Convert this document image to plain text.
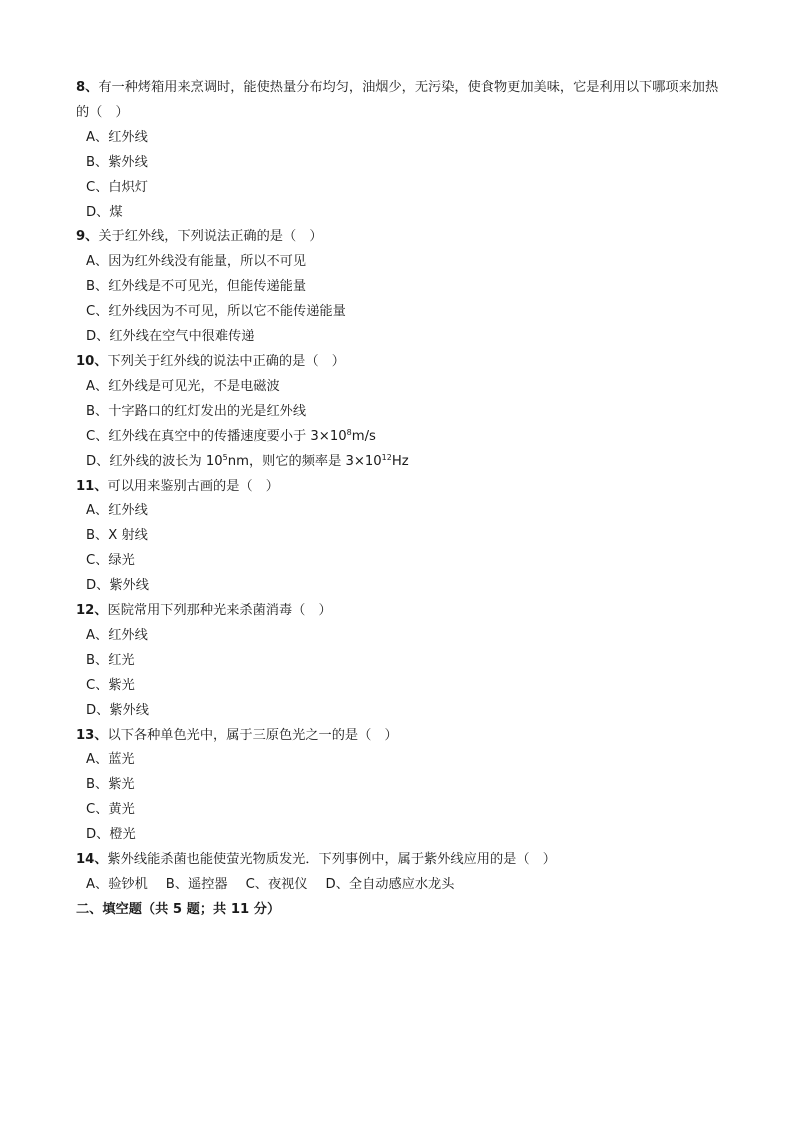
8、有一种烤箱用来烹调时，能使热量分布均匀，油烟少，无污染，使食物更加美味，它是利用以下哪项来加热的（　）

A、红外线

B、紫外线

C、白炽灯

D、煤

9、关于红外线，下列说法正确的是（　）

A、因为红外线没有能量，所以不可见

B、红外线是不可见光，但能传递能量

C、红外线因为不可见，所以它不能传递能量

D、红外线在空气中很难传递

10、下列关于红外线的说法中正确的是（　）

A、红外线是可见光，不是电磁波

B、十字路口的红灯发出的光是红外线

C、红外线在真空中的传播速度要小于 $3\times 10^8m/s$

D、红外线的波长为 $10^5nm$，则它的频率是 $3\times 10^{12}Hz$

11、可以用来鉴别古画的是（　）

A、红外线

B、X 射线

C、绿光

D、紫外线

12、医院常用下列那种光来杀菌消毒（　）

A、红外线

B、红光

C、紫光

D、紫外线

13、以下各种单色光中，属于三原色光之一的是（　）

A、蓝光

B、紫光

C、黄光

D、橙光

14、紫外线能杀菌也能使萤光物质发光．下列事例中，属于紫外线应用的是（　）

A、验钞机 B、遥控器 C、夜视仪 D、全自动感应水龙头

二、填空题（共 5 题；共 11 分）
